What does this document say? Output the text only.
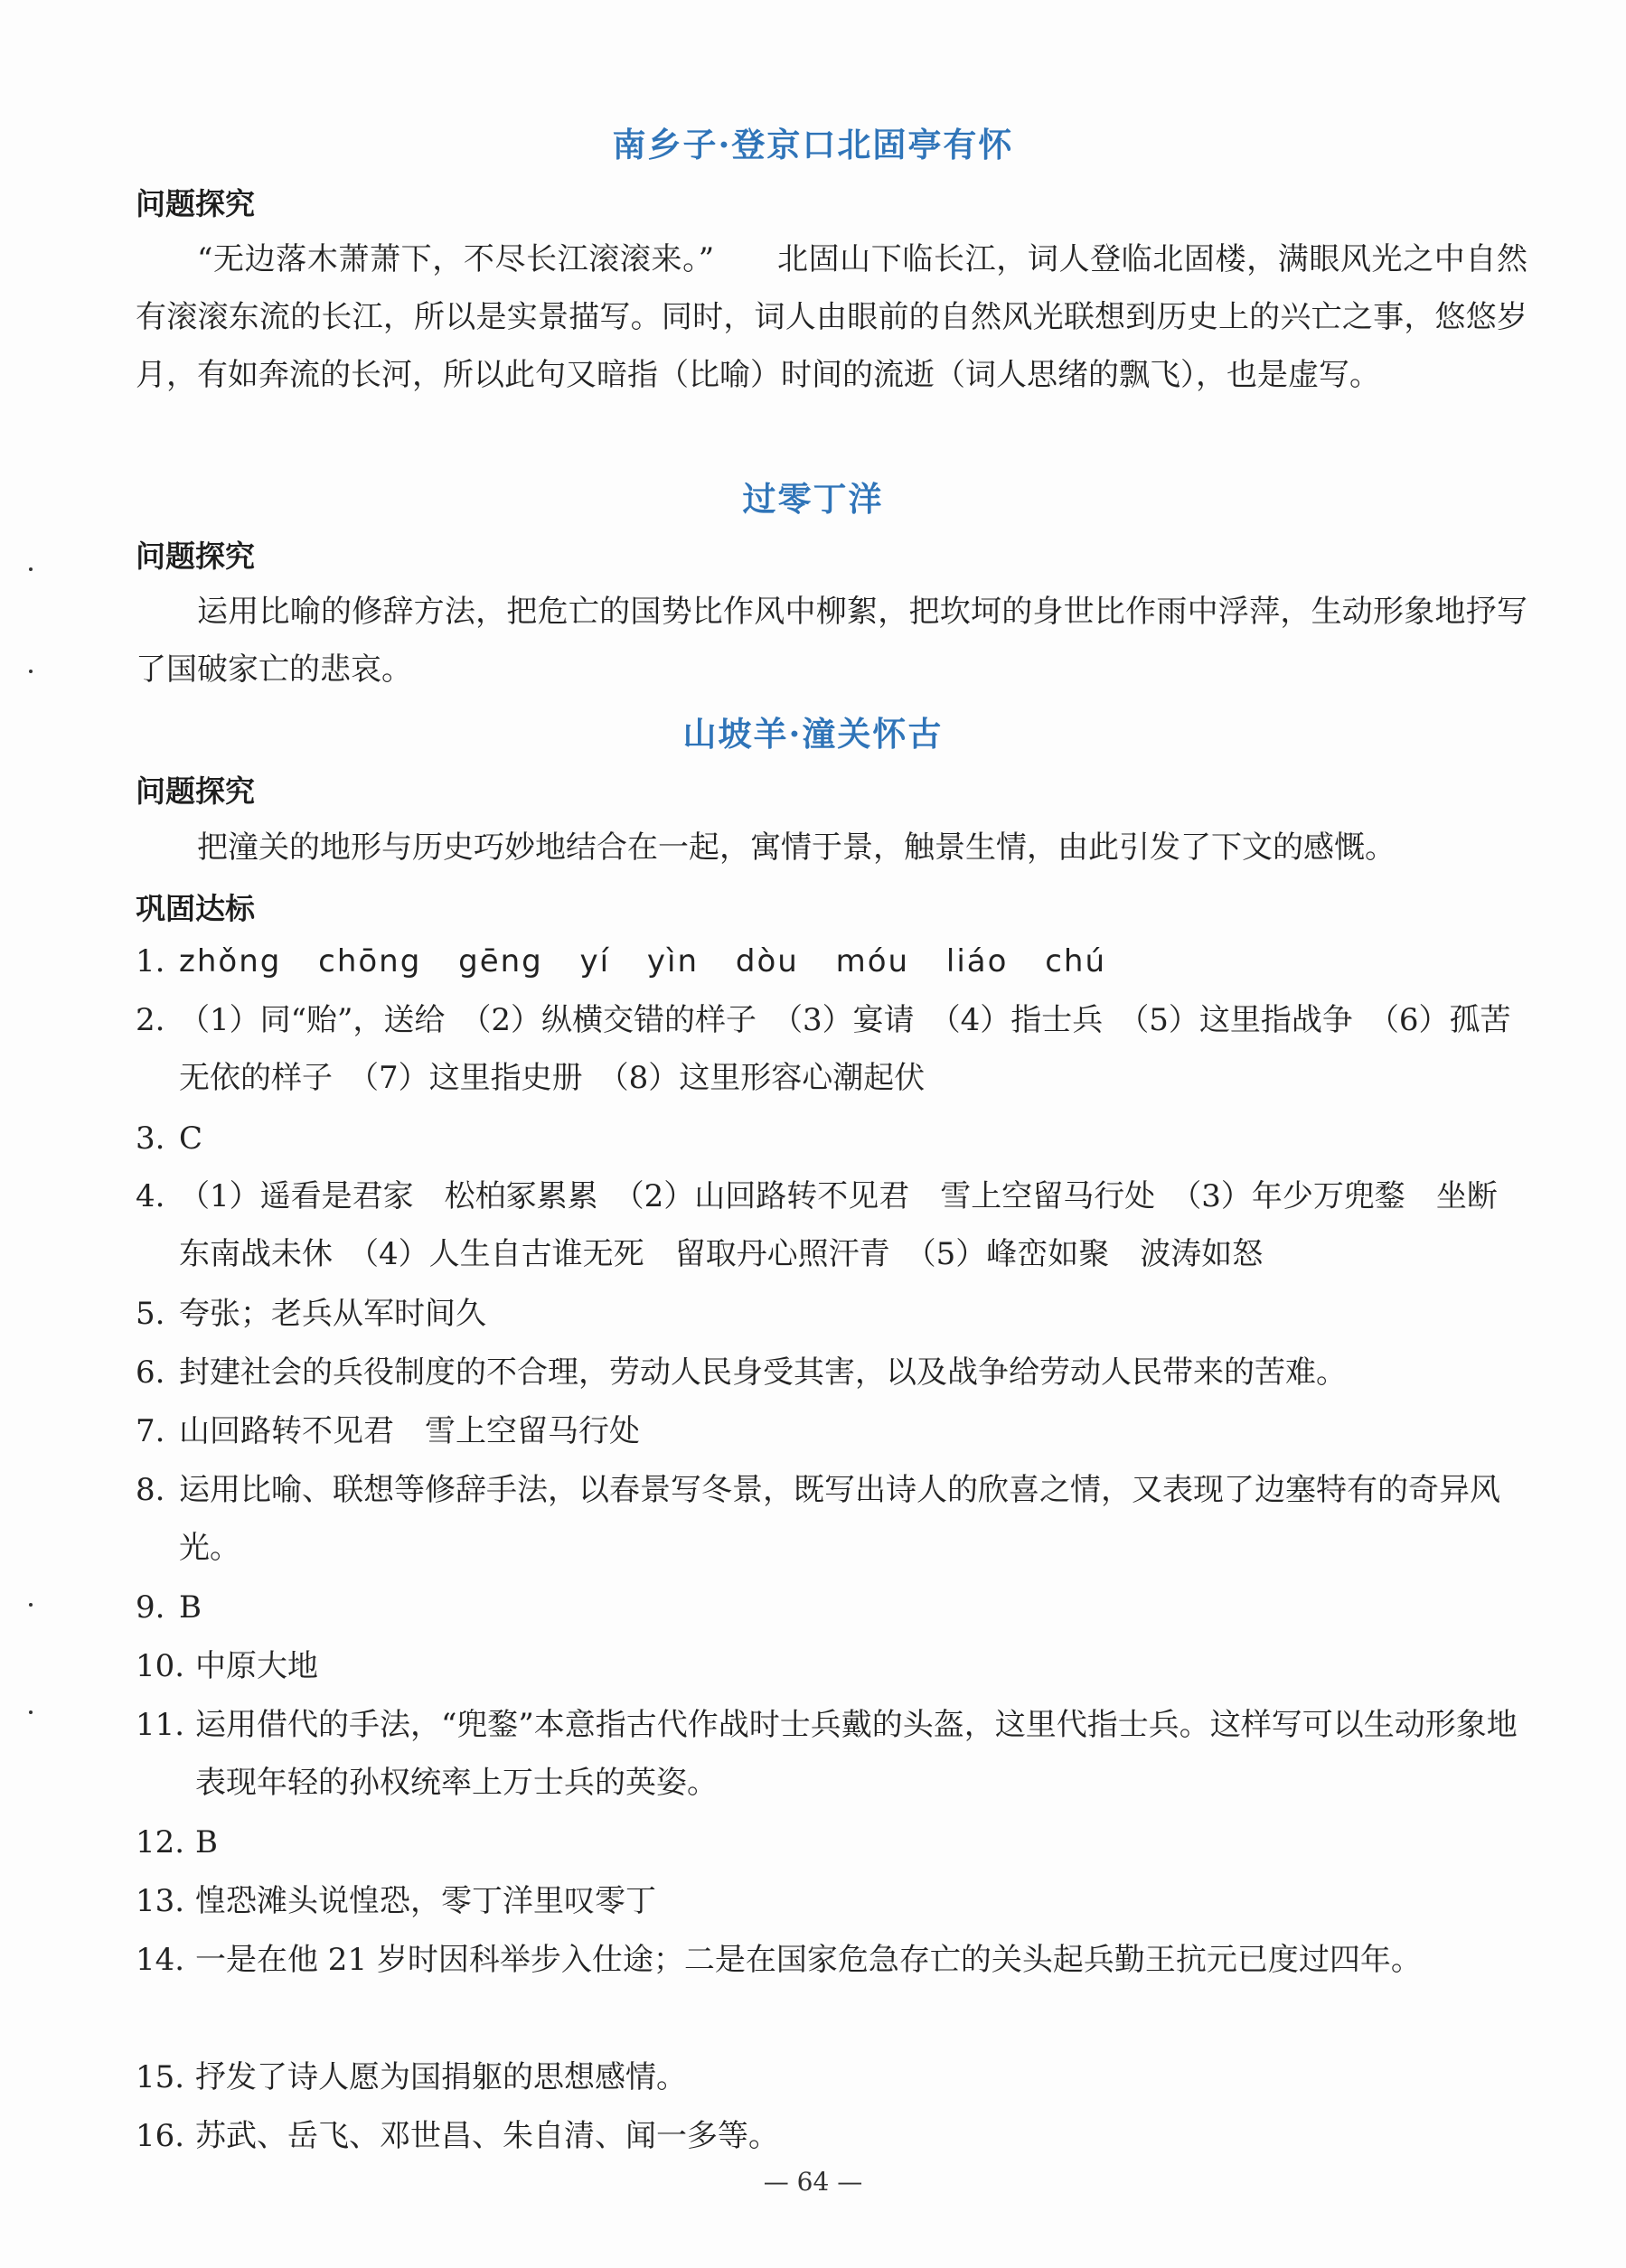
南乡子·登京口北固亭有怀
问题探究
“无边落木萧萧下，不尽长江滚滚来。”　　北固山下临长江，词人登临北固楼，满眼风光之中自然有滚滚东流的长江，所以是实景描写。同时，词人由眼前的自然风光联想到历史上的兴亡之事，悠悠岁月，有如奔流的长河，所以此句又暗指（比喻）时间的流逝（词人思绪的飘飞），也是虚写。
过零丁洋
问题探究
运用比喻的修辞方法，把危亡的国势比作风中柳絮，把坎坷的身世比作雨中浮萍，生动形象地抒写了国破家亡的悲哀。
山坡羊·潼关怀古
问题探究
把潼关的地形与历史巧妙地结合在一起，寓情于景，触景生情，由此引发了下文的感慨。
巩固达标
1. zhǒng chōng gēng yí yìn dòu móu liáo chú
2. （1）同“贻”，送给　（2）纵横交错的样子　（3）宴请　（4）指士兵　（5）这里指战争　（6）孤苦无依的样子　（7）这里指史册　（8）这里形容心潮起伏
3. C
4. （1）遥看是君家　松柏冢累累　（2）山回路转不见君　雪上空留马行处　（3）年少万兜鍪　坐断东南战未休　（4）人生自古谁无死　留取丹心照汗青　（5）峰峦如聚　波涛如怒
5. 夸张；老兵从军时间久
6. 封建社会的兵役制度的不合理，劳动人民身受其害，以及战争给劳动人民带来的苦难。
7. 山回路转不见君　雪上空留马行处
8. 运用比喻、联想等修辞手法，以春景写冬景，既写出诗人的欣喜之情，又表现了边塞特有的奇异风光。
9. B
10. 中原大地
11. 运用借代的手法，“兜鍪”本意指古代作战时士兵戴的头盔，这里代指士兵。这样写可以生动形象地表现年轻的孙权统率上万士兵的英姿。
12. B
13. 惶恐滩头说惶恐，零丁洋里叹零丁
14. 一是在他 21 岁时因科举步入仕途；二是在国家危急存亡的关头起兵勤王抗元已度过四年。
15. 抒发了诗人愿为国捐躯的思想感情。
16. 苏武、岳飞、邓世昌、朱自清、闻一多等。
— 64 —
